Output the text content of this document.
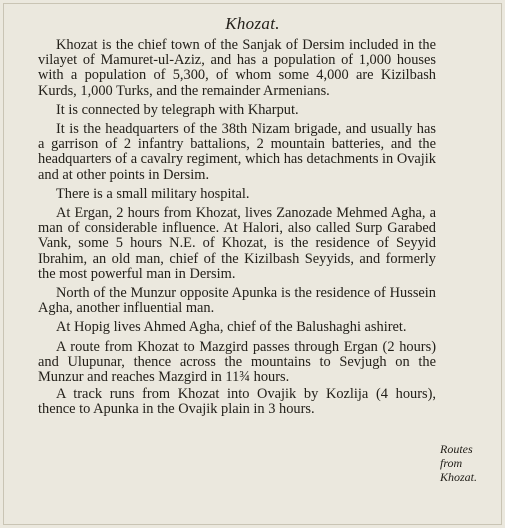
Khozat.

Khozat is the chief town of the Sanjak of Dersim included in the vilayet of Mamuret-ul-Aziz, and has a population of 1,000 houses with a population of 5,300, of whom some 4,000 are Kizilbash Kurds, 1,000 Turks, and the remainder Armenians.

It is connected by telegraph with Kharput.

It is the headquarters of the 38th Nizam brigade, and usually has a garrison of 2 infantry battalions, 2 mountain batteries, and the headquarters of a cavalry regiment, which has detachments in Ovajik and at other points in Dersim.

There is a small military hospital.

At Ergan, 2 hours from Khozat, lives Zanozade Mehmed Agha, a man of considerable influence. At Halori, also called Surp Garabed Vank, some 5 hours N.E. of Khozat, is the residence of Seyyid Ibrahim, an old man, chief of the Kizilbash Seyyids, and formerly the most powerful man in Dersim.

North of the Munzur opposite Apunka is the residence of Hussein Agha, another influential man.

At Hopig lives Ahmed Agha, chief of the Balushaghi ashiret.

A route from Khozat to Mazgird passes through Ergan (2 hours) and Ulupunar, thence across the mountains to Sevjugh on the Munzur and reaches Mazgird in 11¾ hours.

A track runs from Khozat into Ovajik by Kozlija (4 hours), thence to Apunka in the Ovajik plain in 3 hours.

Routes
from
Khozat.
